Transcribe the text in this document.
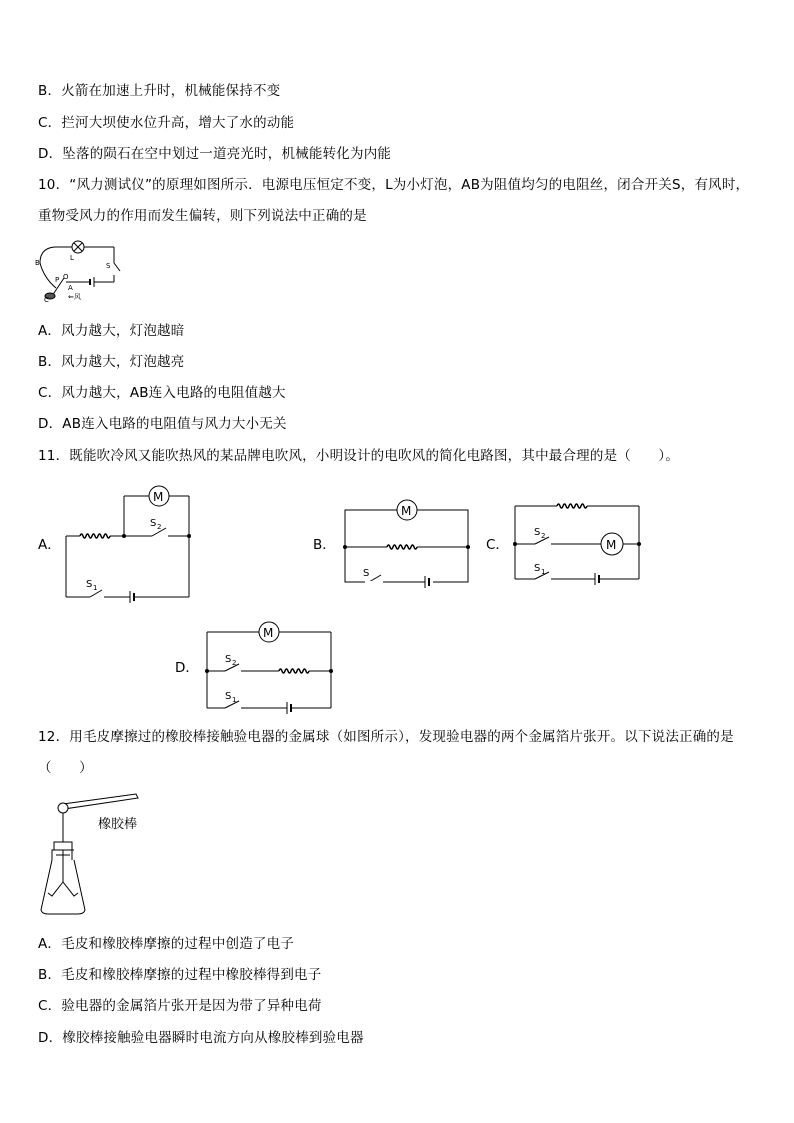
B．火箭在加速上升时，机械能保持不变
C．拦河大坝使水位升高，增大了水的动能
D．坠落的陨石在空中划过一道亮光时，机械能转化为内能
10．“风力测试仪”的原理如图所示．电源电压恒定不变，L为小灯泡，AB为阻值均匀的电阻丝，闭合开关S，有风时，
重物受风力的作用而发生偏转，则下列说法中正确的是
B
L
S
P O
A
C	⇐风
A．风力越大，灯泡越暗
B．风力越大，灯泡越亮
C．风力越大，AB连入电路的电阻值越大
D．AB连入电路的电阻值与风力大小无关
11．既能吹冷风又能吹热风的某品牌电吹风，小明设计的电吹风的简化电路图，其中最合理的是（　　）。
A．
M
S 2
S 1
B．
M
S
C．	M
S 2
S 1
D．
M
S 2
S 1
12．用毛皮摩擦过的橡胶棒接触验电器的金属球（如图所示），发现验电器的两个金属箔片张开。以下说法正确的是
（　　）
橡胶棒
A．毛皮和橡胶棒摩擦的过程中创造了电子
B．毛皮和橡胶棒摩擦的过程中橡胶棒得到电子
C．验电器的金属箔片张开是因为带了异种电荷
D．橡胶棒接触验电器瞬时电流方向从橡胶棒到验电器
